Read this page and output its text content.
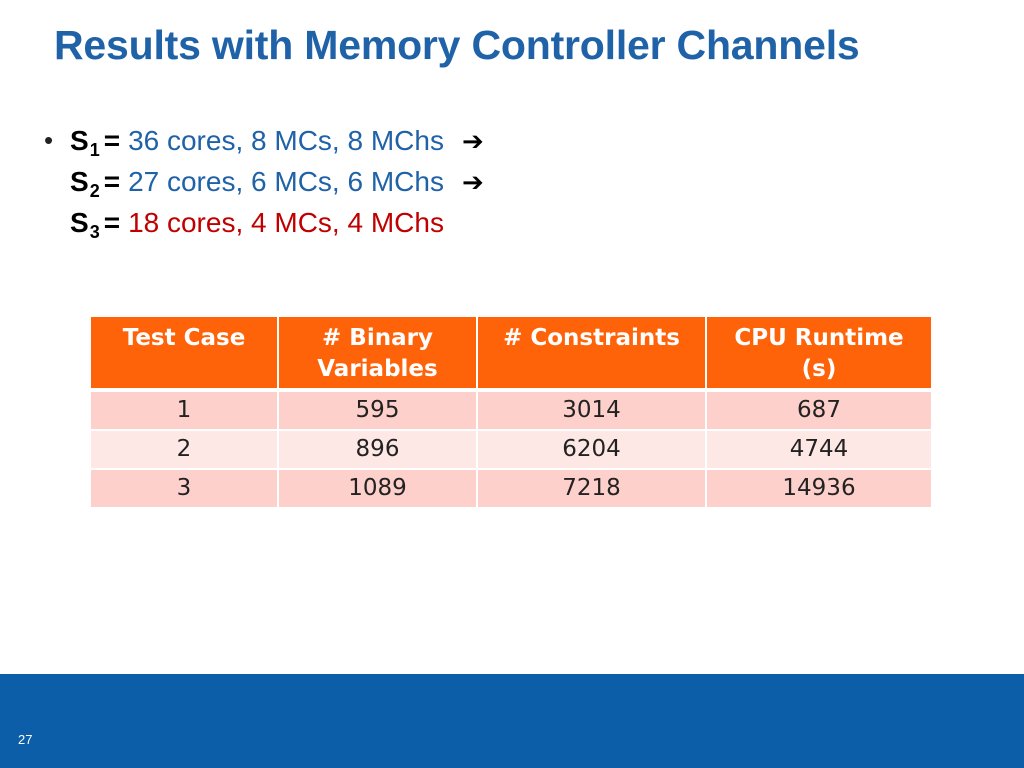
Results with Memory Controller Channels
• $S_1 = 36$ cores, 8 MCs, 8 MChs ➔
$S_2 = 27$ cores, 6 MCs, 6 MChs ➔
$S_3 = 18$ cores, 4 MCs, 4 MChs
Test Case	# Binary Variables	# Constraints	CPU Runtime (s)
1	595	3014	687
2	896	6204	4744
3	1089	7218	14936
27
